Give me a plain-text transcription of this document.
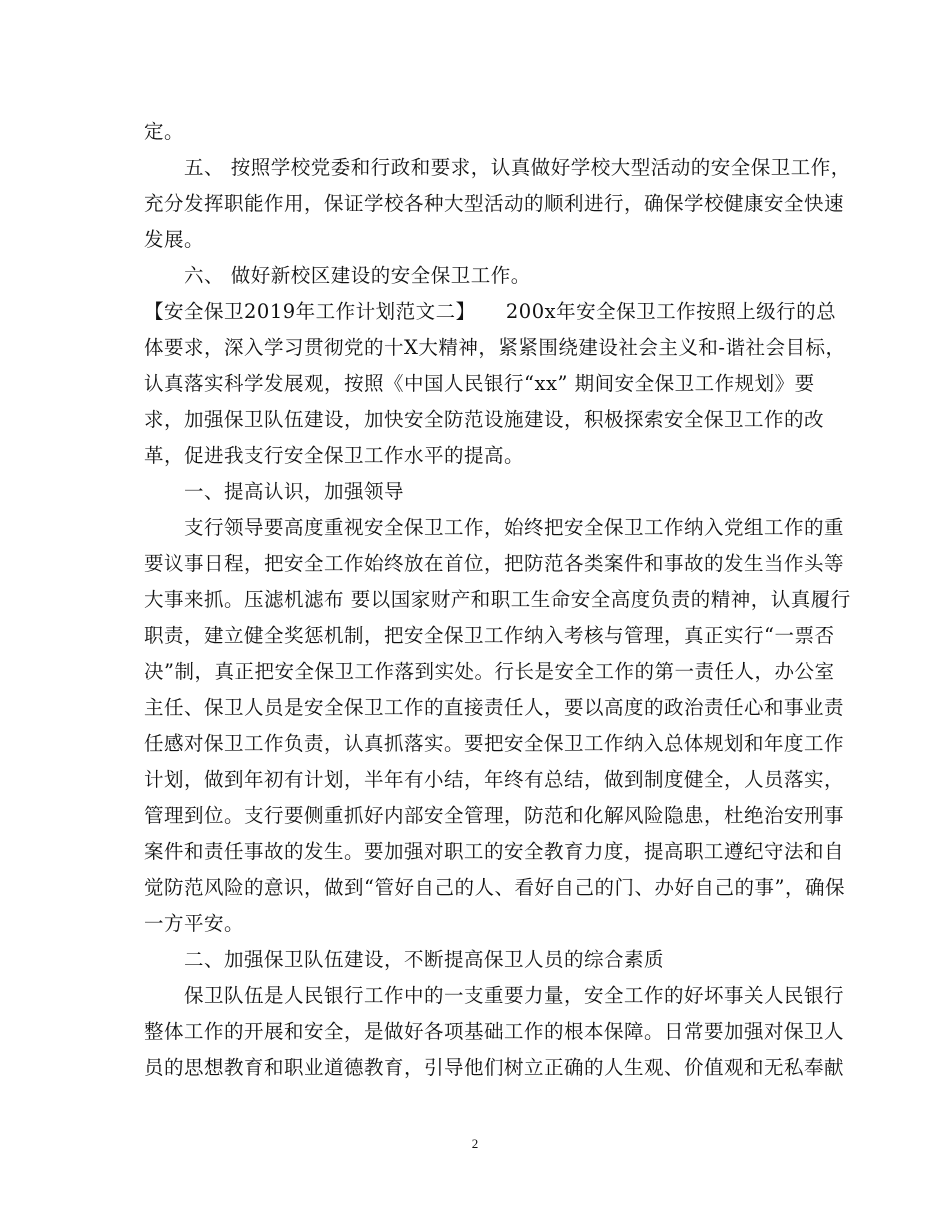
定。
五、 按照学校党委和行政和要求，认真做好学校大型活动的安全保卫工作，
充分发挥职能作用，保证学校各种大型活动的顺利进行，确保学校健康安全快速
发展。
六、 做好新校区建设的安全保卫工作。
【安全保卫2019年工作计划范文二】　　200x年安全保卫工作按照上级行的总
体要求，深入学习贯彻党的十X大精神，紧紧围绕建设社会主义和-谐社会目标，
认真落实科学发展观，按照《中国人民银行“xx” 期间安全保卫工作规划》要
求，加强保卫队伍建设，加快安全防范设施建设，积极探索安全保卫工作的改
革，促进我支行安全保卫工作水平的提高。
一、提高认识，加强领导
支行领导要高度重视安全保卫工作，始终把安全保卫工作纳入党组工作的重
要议事日程，把安全工作始终放在首位，把防范各类案件和事故的发生当作头等
大事来抓。压滤机滤布 要以国家财产和职工生命安全高度负责的精神，认真履行
职责，建立健全奖惩机制，把安全保卫工作纳入考核与管理，真正实行“一票否
决”制，真正把安全保卫工作落到实处。行长是安全工作的第一责任人，办公室
主任、保卫人员是安全保卫工作的直接责任人，要以高度的政治责任心和事业责
任感对保卫工作负责，认真抓落实。要把安全保卫工作纳入总体规划和年度工作
计划，做到年初有计划，半年有小结，年终有总结，做到制度健全，人员落实，
管理到位。支行要侧重抓好内部安全管理，防范和化解风险隐患，杜绝治安刑事
案件和责任事故的发生。要加强对职工的安全教育力度，提高职工遵纪守法和自
觉防范风险的意识，做到“管好自己的人、看好自己的门、办好自己的事”，确保
一方平安。
二、加强保卫队伍建设，不断提高保卫人员的综合素质
保卫队伍是人民银行工作中的一支重要力量，安全工作的好坏事关人民银行
整体工作的开展和安全，是做好各项基础工作的根本保障。日常要加强对保卫人
员的思想教育和职业道德教育，引导他们树立正确的人生观、价值观和无私奉献
2
